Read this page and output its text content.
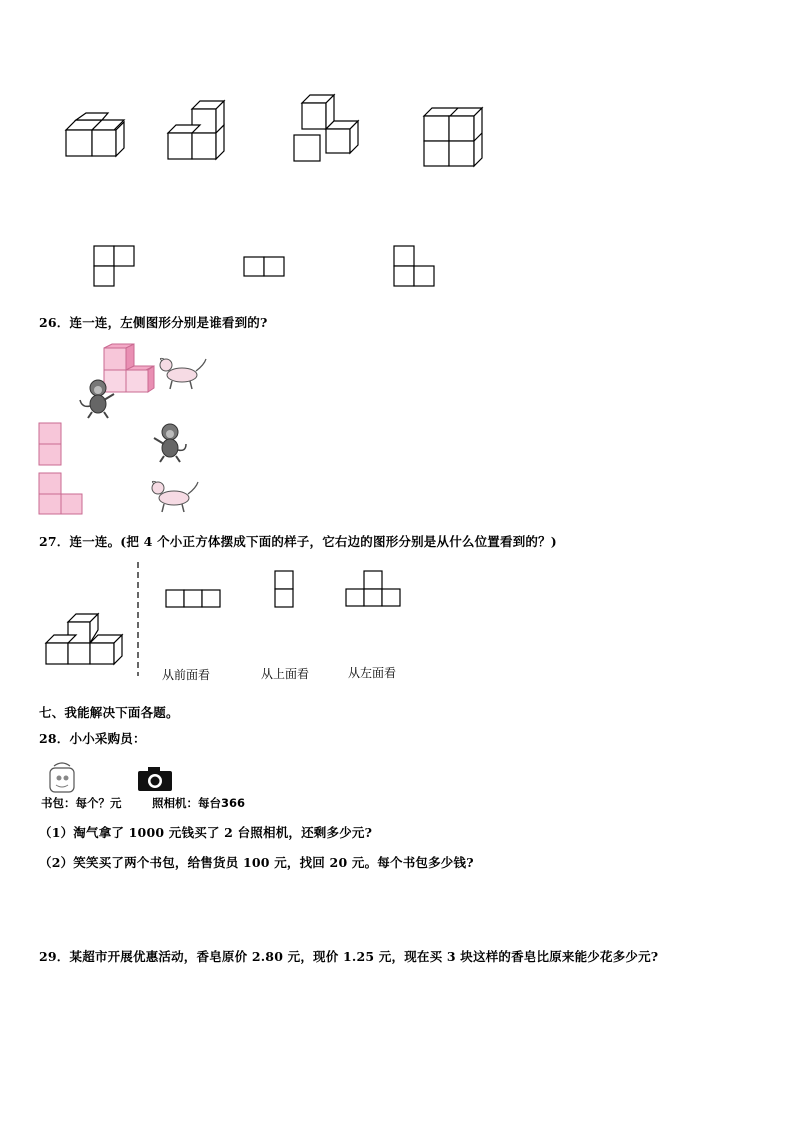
26．连一连，左侧图形分别是谁看到的?
27．连一连。(把 4 个小正方体摆成下面的样子，它右边的图形分别是从什么位置看到的？)
从前面看	从上面看	从左面看
七、我能解决下面各题。
28．小小采购员：
书包：每个？元	照相机：每台366
（1）淘气拿了 1000 元钱买了 2 台照相机，还剩多少元?
（2）笑笑买了两个书包，给售货员 100 元，找回 20 元。每个书包多少钱?
29．某超市开展优惠活动，香皂原价 2.80 元，现价 1.25 元，现在买 3 块这样的香皂比原来能少花多少元?
